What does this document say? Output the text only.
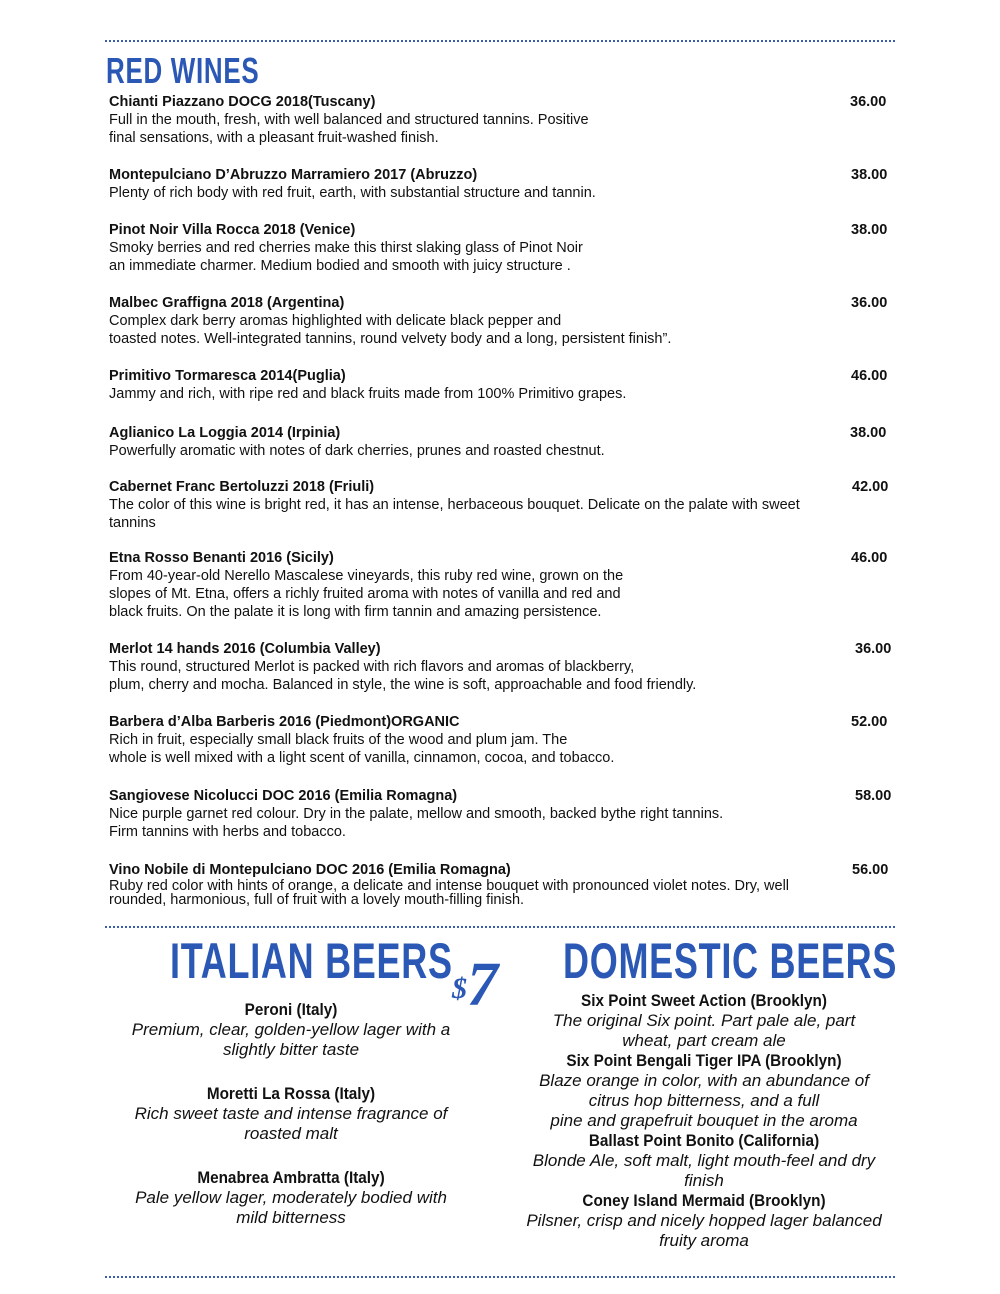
RED WINES
Chianti Piazzano DOCG 2018(Tuscany)	36.00
Full in the mouth, fresh, with well balanced and structured tannins. Positive
final sensations, with a pleasant fruit-washed finish.
Montepulciano D’Abruzzo Marramiero 2017 (Abruzzo)	38.00
Plenty of rich body with red fruit, earth, with substantial structure and tannin.
Pinot Noir Villa Rocca 2018 (Venice)	38.00
Smoky berries and red cherries make this thirst slaking glass of Pinot Noir
an immediate charmer. Medium bodied and smooth with juicy structure .
Malbec Graffigna 2018 (Argentina)	36.00
Complex dark berry aromas highlighted with delicate black pepper and
toasted notes. Well-integrated tannins, round velvety body and a long, persistent finish”.
Primitivo Tormaresca 2014(Puglia)	46.00
Jammy and rich, with ripe red and black fruits made from 100% Primitivo grapes.
Aglianico La Loggia 2014 (Irpinia)	38.00
Powerfully aromatic with notes of dark cherries, prunes and roasted chestnut.
Cabernet Franc Bertoluzzi 2018 (Friuli)	42.00
The color of this wine is bright red, it has an intense, herbaceous bouquet. Delicate on the palate with sweet
tannins
Etna Rosso Benanti 2016 (Sicily)	46.00
From 40-year-old Nerello Mascalese vineyards, this ruby red wine, grown on the
slopes of Mt. Etna, offers a richly fruited aroma with notes of vanilla and red and
black fruits. On the palate it is long with firm tannin and amazing persistence.
Merlot 14 hands 2016 (Columbia Valley)	36.00
This round, structured Merlot is packed with rich flavors and aromas of blackberry,
plum, cherry and mocha. Balanced in style, the wine is soft, approachable and food friendly.
Barbera d’Alba Barberis 2016 (Piedmont)ORGANIC	52.00
Rich in fruit, especially small black fruits of the wood and plum jam. The
whole is well mixed with a light scent of vanilla, cinnamon, cocoa, and tobacco.
Sangiovese Nicolucci DOC 2016 (Emilia Romagna)	58.00
Nice purple garnet red colour. Dry in the palate, mellow and smooth, backed bythe right tannins.
Firm tannins with herbs and tobacco.
Vino Nobile di Montepulciano DOC 2016 (Emilia Romagna)	56.00
Ruby red color with hints of orange, a delicate and intense bouquet with pronounced violet notes. Dry, well
rounded, harmonious, full of fruit with a lovely mouth-filling finish.
ITALIAN BEERS $7 DOMESTIC BEERS
Peroni (Italy)
Premium, clear, golden-yellow lager with a
slightly bitter taste
Moretti La Rossa (Italy)
Rich sweet taste and intense fragrance of
roasted malt
Menabrea Ambratta (Italy)
Pale yellow lager, moderately bodied with
mild bitterness
Six Point Sweet Action (Brooklyn)
The original Six point. Part pale ale, part
wheat, part cream ale
Six Point Bengali Tiger IPA (Brooklyn)
Blaze orange in color, with an abundance of
citrus hop bitterness, and a full
pine and grapefruit bouquet in the aroma
Ballast Point Bonito (California)
Blonde Ale, soft malt, light mouth-feel and dry
finish
Coney Island Mermaid (Brooklyn)
Pilsner, crisp and nicely hopped lager balanced
fruity aroma
